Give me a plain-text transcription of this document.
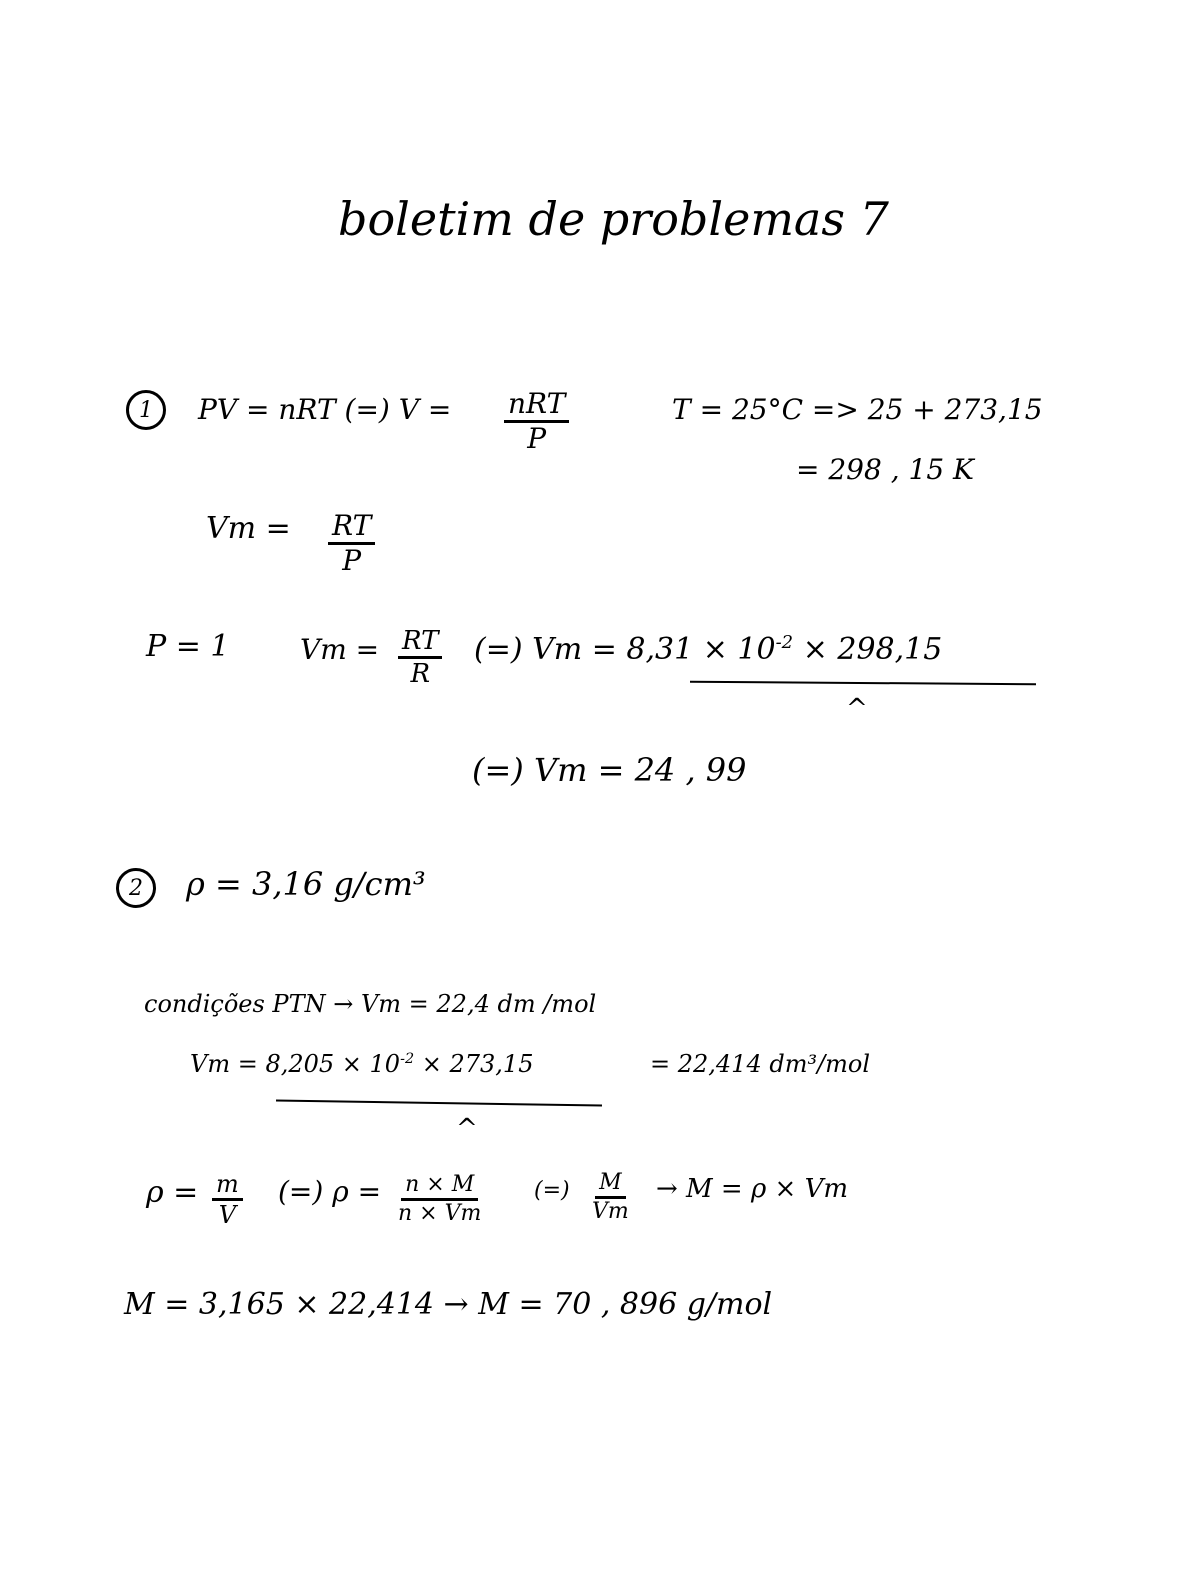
boletim de problemas 7
1	PV = nRT (=) V = nRT
P
T = 25°C => 25 + 273,15
= 298 , 15 K
$Vm = \frac{RT}{P}$
P = 1	$Vm = \frac{RT}{R}$ (=) $Vm = 8,31 \times 10^{-2} \times 298,15$
^
(=) Vm = 24 , 99
2	ρ = 3,16 g/cm³
condições PTN → Vm = 22,4 dm /mol
$Vm = 8,205 \times 10^{-2} \times 273,15$	= 22,414 dm³/mol
^
$\rho = \frac{m}{V}$ (=) $\rho = \frac{n \times M}{n \times Vm}$ (=) $\frac{M}{Vm} \to M = \rho \times Vm$
M = 3,165 × 22,414 → M = 70 , 896 g/mol
